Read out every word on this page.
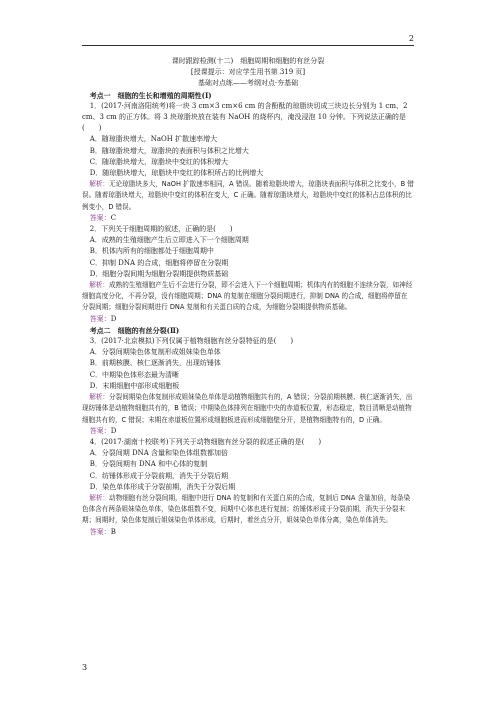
2

课时跟踪检测(十二)　细胞周期和细胞的有丝分裂

[授课提示：对应学生用书第 319 页]

基础对点练——考纲对点·夯基础

考点一　细胞的生长和增殖的周期性(Ⅰ)

1．(2017·河南洛阳统考)将一块 3 cm×3 cm×6 cm 的含酚酞的琼脂块切成三块边长分别为 1 cm、2 cm、3 cm 的正方体。将 3 块琼脂块放在装有 NaOH 的烧杯内，淹没浸泡 10 分钟。下列说法正确的是(　　)

A．随琼脂块增大，NaOH 扩散速率增大

B．随琼脂块增大，琼脂块的表面积与体积之比增大

C．随琼脂块增大，琼脂块中变红的体积增大

D．随琼脂块增大，琼脂块中变红的体积所占的比例增大

解析：无论琼脂块多大，NaOH 扩散速率相同，A 错误。随着琼脂块增大，琼脂块表面积与体积之比变小，B 错误。随着琼脂块增大，琼脂块中变红的体积在变大，C 正确。随着琼脂块增大，琼脂块中变红的体积占总体积的比例变小，D 错误。

答案：C

2．下列关于细胞周期的叙述，正确的是(　　)

A．成熟的生殖细胞产生后立即进入下一个细胞周期

B．机体内所有的细胞都处于细胞周期中

C．抑制 DNA 的合成，细胞将停留在分裂期

D．细胞分裂间期为细胞分裂期提供物质基础

解析：成熟的生殖细胞产生后不会进行分裂，即不会进入下一个细胞周期；机体内有的细胞不连续分裂，如神经细胞高度分化，不再分裂，没有细胞周期；DNA 的复制在细胞分裂间期进行，抑制 DNA 的合成，细胞将停留在分裂间期；细胞分裂间期进行 DNA 复制和有关蛋白质的合成，为细胞分裂期提供物质基础。

答案：D

考点二　细胞的有丝分裂(Ⅱ)

3．(2017·北京模拟)下列仅属于植物细胞有丝分裂特征的是(　　)

A．分裂间期染色体复制形成姐妹染色单体

B．前期核膜、核仁逐渐消失，出现纺锤体

C．中期染色体形态最为清晰

D．末期细胞中部形成细胞板

解析：分裂间期染色体复制形成姐妹染色单体是动植物细胞共有的，A 错误；分裂前期核膜、核仁逐渐消失，出现纺锤体是动植物细胞共有的，B 错误；中期染色体排列在细胞中央的赤道板位置，形态稳定，数目清晰是动植物细胞共有的，C 错误；末期在赤道板位置形成细胞板进而形成细胞壁分开，是植物细胞特有的，D 正确。

答案：D

4．(2017·湖南十校联考)下列关于动物细胞有丝分裂的叙述正确的是(　　)

A．分裂间期 DNA 含量和染色体组数都加倍

B．分裂间期有 DNA 和中心体的复制

C．纺锤体形成于分裂前期，消失于分裂后期

D．染色单体形成于分裂前期，消失于分裂后期

解析：动物细胞有丝分裂间期，细胞中进行 DNA 的复制和有关蛋白质的合成，复制后 DNA 含量加倍，每条染色体含有两条姐妹染色单体，染色体组数不变，间期中心体也进行复制；纺锤体形成于分裂前期，消失于分裂末期；间期时，染色体复制后姐妹染色单体形成，后期时，着丝点分开，姐妹染色单体分离，染色单体消失。

答案：B

3
